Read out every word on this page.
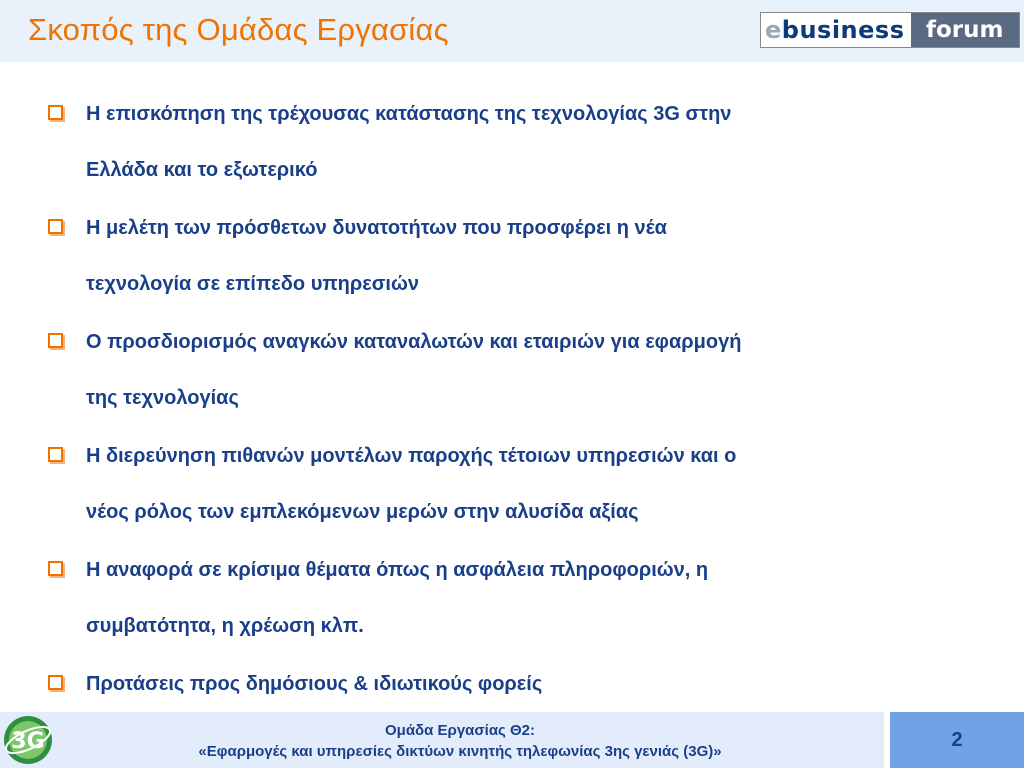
Σκοπός της Ομάδας Εργασίας	e business forum
Η επισκόπηση της τρέχουσας κατάστασης της τεχνολογίας 3G στην
Ελλάδα και το εξωτερικό
Η μελέτη των πρόσθετων δυνατοτήτων που προσφέρει η νέα
τεχνολογία σε επίπεδο υπηρεσιών
Ο προσδιορισμός αναγκών καταναλωτών και εταιριών για εφαρμογή
της τεχνολογίας
Η διερεύνηση πιθανών μοντέλων παροχής τέτοιων υπηρεσιών και ο
νέος ρόλος των εμπλεκόμενων μερών στην αλυσίδα αξίας
Η αναφορά σε κρίσιμα θέματα όπως η ασφάλεια πληροφοριών, η
συμβατότητα, η χρέωση κλπ.
Προτάσεις προς δημόσιους & ιδιωτικούς φορείς
3G	Ομάδα Εργασίας Θ2:
«Εφαρμογές και υπηρεσίες δικτύων κινητής τηλεφωνίας 3ης γενιάς (3G)»
2
